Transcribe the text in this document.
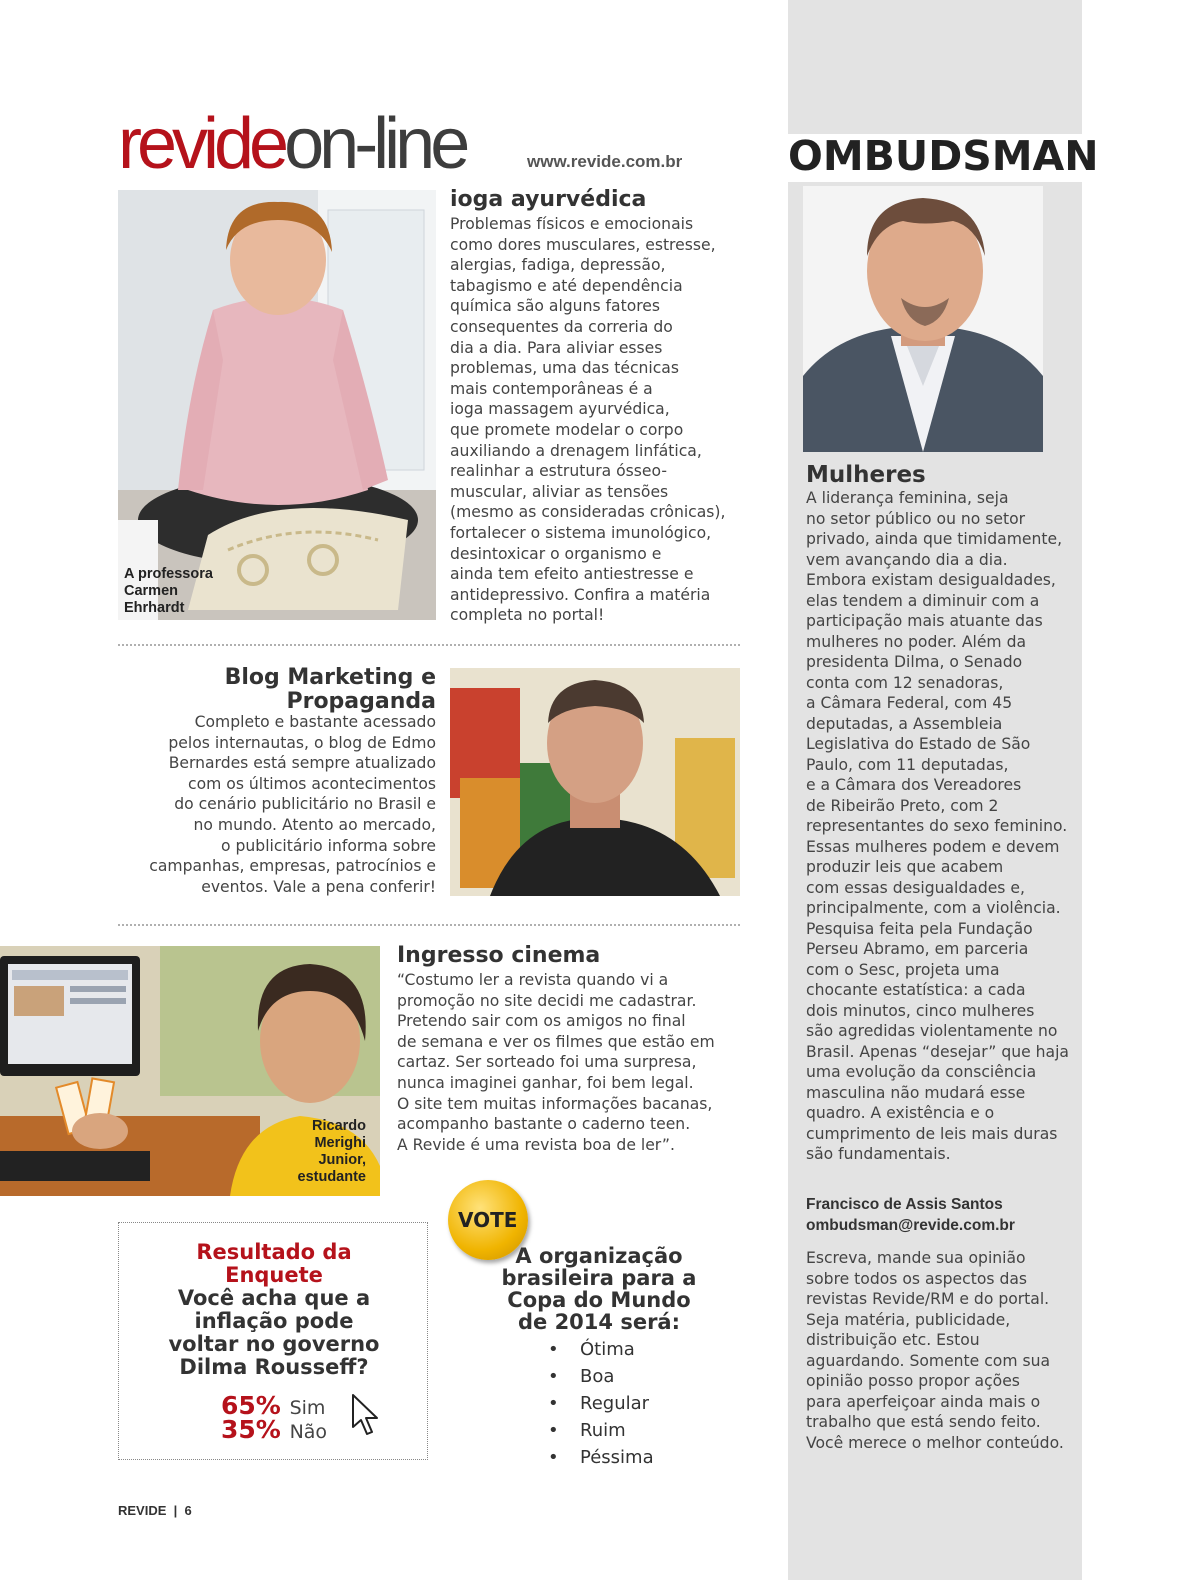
OMBUDSMAN
revideon-line	www.revide.com.br
A professora
Carmen
Ehrhardt
ioga ayurvédica
Problemas físicos e emocionais
como dores musculares, estresse,
alergias, fadiga, depressão,
tabagismo e até dependência
química são alguns fatores
consequentes da correria do
dia a dia. Para aliviar esses
problemas, uma das técnicas
mais contemporâneas é a
ioga massagem ayurvédica,
que promete modelar o corpo
auxiliando a drenagem linfática,
realinhar a estrutura ósseo-
muscular, aliviar as tensões
(mesmo as consideradas crônicas),
fortalecer o sistema imunológico,
desintoxicar o organismo e
ainda tem efeito antiestresse e
antidepressivo. Confira a matéria
completa no portal!
Blog Marketing e
Propaganda
Completo e bastante acessado
pelos internautas, o blog de Edmo
Bernardes está sempre atualizado
com os últimos acontecimentos
do cenário publicitário no Brasil e
no mundo. Atento ao mercado,
o publicitário informa sobre
campanhas, empresas, patrocínios e
eventos. Vale a pena conferir!
Ricardo
Merighi
Junior,
estudante
Ingresso cinema
“Costumo ler a revista quando vi a
promoção no site decidi me cadastrar.
Pretendo sair com os amigos no final
de semana e ver os filmes que estão em
cartaz. Ser sorteado foi uma surpresa,
nunca imaginei ganhar, foi bem legal.
O site tem muitas informações bacanas,
acompanho bastante o caderno teen.
A Revide é uma revista boa de ler”.
Resultado da
Enquete
Você acha que a
inflação pode
voltar no governo
Dilma Rousseff?
65% Sim
35% Não
VOTE
A organização
brasileira para a
Copa do Mundo
de 2014 será:
• Ótima
• Boa
• Regular
• Ruim
• Péssima
Mulheres
A liderança feminina, seja
no setor público ou no setor
privado, ainda que timidamente,
vem avançando dia a dia.
Embora existam desigualdades,
elas tendem a diminuir com a
participação mais atuante das
mulheres no poder. Além da
presidenta Dilma, o Senado
conta com 12 senadoras,
a Câmara Federal, com 45
deputadas, a Assembleia
Legislativa do Estado de São
Paulo, com 11 deputadas,
e a Câmara dos Vereadores
de Ribeirão Preto, com 2
representantes do sexo feminino.
Essas mulheres podem e devem
produzir leis que acabem
com essas desigualdades e,
principalmente, com a violência.
Pesquisa feita pela Fundação
Perseu Abramo, em parceria
com o Sesc, projeta uma
chocante estatística: a cada
dois minutos, cinco mulheres
são agredidas violentamente no
Brasil. Apenas “desejar” que haja
uma evolução da consciência
masculina não mudará esse
quadro. A existência e o
cumprimento de leis mais duras
são fundamentais.
Francisco de Assis Santos
ombudsman@revide.com.br
Escreva, mande sua opinião
sobre todos os aspectos das
revistas Revide/RM e do portal.
Seja matéria, publicidade,
distribuição etc. Estou
aguardando. Somente com sua
opinião posso propor ações
para aperfeiçoar ainda mais o
trabalho que está sendo feito.
Você merece o melhor conteúdo.
REVIDE  |  6
